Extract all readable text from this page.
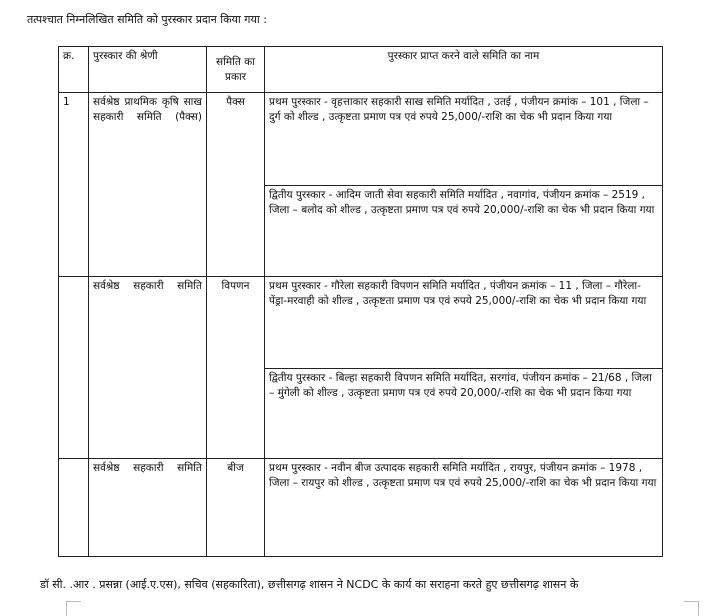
तत्पश्चात निम्नलिखित समिति को पुरस्कार प्रदान किया गया :
क्र.	पुरस्कार की श्रेणी	समिति का प्रकार	पुरस्कार प्राप्त करने वाले समिति का नाम
1	सर्वश्रेष्ठ प्राथमिक कृषि साख सहकारी समिति (पैक्स)	पैक्स	प्रथम पुरस्कार - वृहत्ताकार सहकारी साख समिति मर्यादित , उतई , पंजीयन क्रमांक – 101 , जिला – दुर्ग को शील्ड , उत्कृष्टता प्रमाण पत्र एवं रुपये 25,000/-राशि का चेक भी प्रदान किया गया
			द्वितीय पुरस्कार - आदिम जाती सेवा सहकारी समिति मर्यादित , नवागांव, पंजीयन क्रमांक – 2519 , जिला – बलोद को शील्ड , उत्कृष्टता प्रमाण पत्र एवं रुपये 20,000/-राशि का चेक भी प्रदान किया गया
	सर्वश्रेष्ठ सहकारी समिति	विपणन	प्रथम पुरस्कार - गौरेला सहकारी विपणन समिति मर्यादित , पंजीयन क्रमांक – 11 , जिला – गौरेला-पेंड्रा-मरवाही को शील्ड , उत्कृष्टता प्रमाण पत्र एवं रुपये 25,000/-राशि का चेक भी प्रदान किया गया
			द्वितीय पुरस्कार - बिल्हा सहकारी विपणन समिति मर्यादित, सरगांव, पंजीयन क्रमांक – 21/68 , जिला – मुंगेली को शील्ड , उत्कृष्टता प्रमाण पत्र एवं रुपये 20,000/-राशि का चेक भी प्रदान किया गया
	सर्वश्रेष्ठ सहकारी समिति	बीज	प्रथम पुरस्कार - नवीन बीज उत्पादक सहकारी समिति मर्यादित , रायपुर, पंजीयन क्रमांक – 1978 , जिला – रायपुर को शील्ड , उत्कृष्टता प्रमाण पत्र एवं रुपये 25,000/-राशि का चेक भी प्रदान किया गया
डॉ सी. .आर . प्रसन्ना (आई.ए.एस), सचिव (सहकारिता), छत्तीसगढ़ शासन ने NCDC के कार्य का सराहना करते हुए छत्तीसगढ़ शासन के
